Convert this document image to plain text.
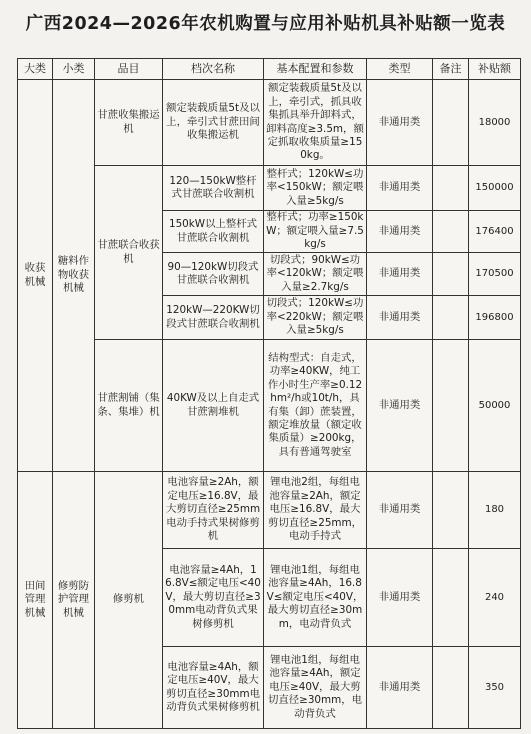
广西2024—2026年农机购置与应用补贴机具补贴额一览表
大类	小类	品目	档次名称	基本配置和参数	类型	备注	补贴额
收获机械	糖料作物收获机械	甘蔗收集搬运机	额定装载质量5t及以上，牵引式甘蔗田间收集搬运机	额定装载质量5t及以上，牵引式，抓具收集抓具举升卸料式，卸料高度≥3.5m，额定抓取收集质量≥150kg。	非通用类		18000
		甘蔗联合收获机	120—150kW整杆式甘蔗联合收割机	整杆式；120kW≤功率<150kW；额定喂入量≥5kg/s	非通用类		150000
			150kW以上整杆式甘蔗联合收割机	整杆式；功率≥150kW；额定喂入量≥7.5kg/s	非通用类		176400
			90—120kW切段式甘蔗联合收割机	切段式；90kW≤功率<120kW；额定喂入量≥2.7kg/s	非通用类		170500
			120kW—220KW切段式甘蔗联合收割机	切段式；120kW≤功率<220kW；额定喂入量≥5kg/s	非通用类		196800
		甘蔗割铺（集条、集堆）机	40KW及以上自走式甘蔗割堆机	结构型式：自走式，功率≥40KW，纯工作小时生产率≥0.12hm²/h或10t/h，具有集（卸）蔗装置，额定堆放量（额定收集质量）≥200kg，具有普通驾驶室	非通用类		50000
田间管理机械	修剪防护管理机械	修剪机	电池容量≥2Ah，额定电压≥16.8V，最大剪切直径≥25mm电动手持式果树修剪机	锂电池2组，每组电池容量≥2Ah，额定电压≥16.8V，最大剪切直径≥25mm，电动手持式	非通用类		180
			电池容量≥4Ah，16.8V≤额定电压<40V，最大剪切直径≥30mm电动背负式果树修剪机	锂电池1组，每组电池容量≥4Ah，16.8V≤额定电压<40V，最大剪切直径≥30mm，电动背负式	非通用类		240
			电池容量≥4Ah，额定电压≥40V，最大剪切直径≥30mm电动背负式果树修剪机	锂电池1组，每组电池容量≥4Ah，额定电压≥40V，最大剪切直径≥30mm，电动背负式	非通用类		350
